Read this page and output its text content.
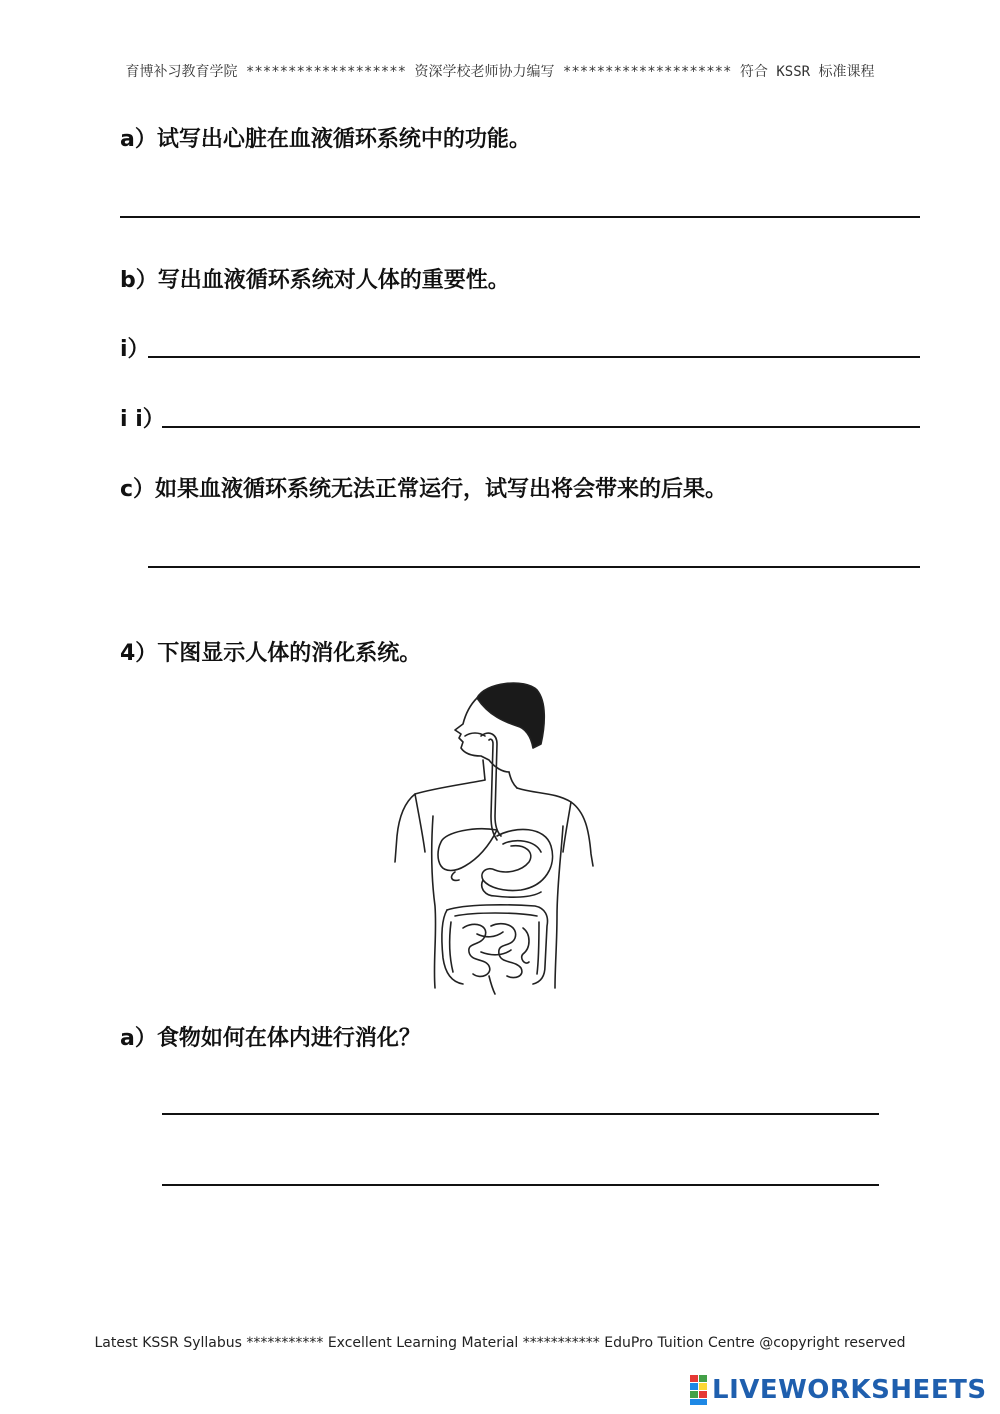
育博补习教育学院 ******************* 资深学校老师协力编写 ******************** 符合 KSSR 标准课程
a）试写出心脏在血液循环系统中的功能。
b）写出血液循环系统对人体的重要性。
i）
i i）
c）如果血液循环系统无法正常运行，试写出将会带来的后果。
4）下图显示人体的消化系统。
a）食物如何在体内进行消化？
Latest KSSR Syllabus *********** Excellent Learning Material *********** EduPro Tuition Centre @copyright reserved
LIVEWORKSHEETS
